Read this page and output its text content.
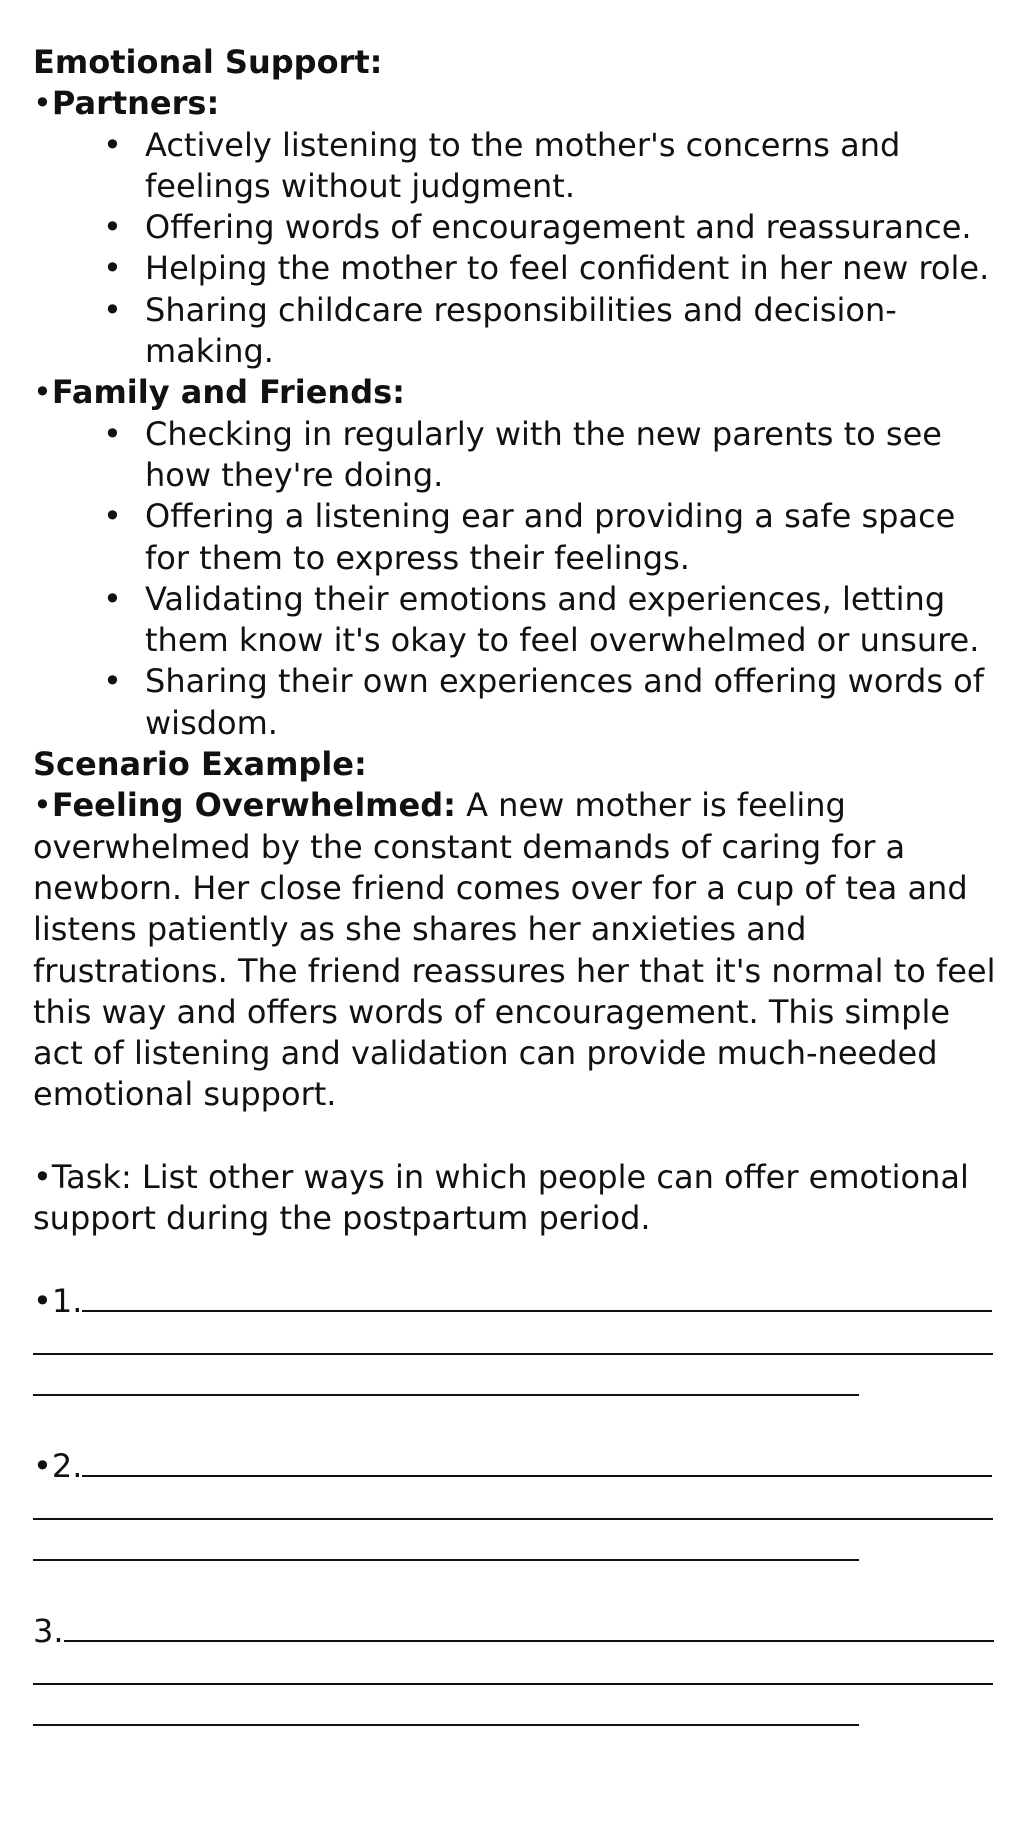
Emotional Support:

•Partners:

• Actively listening to the mother's concerns and feelings without judgment.
• Offering words of encouragement and reassurance.
• Helping the mother to feel confident in her new role.
• Sharing childcare responsibilities and decision-making.

•Family and Friends:

• Checking in regularly with the new parents to see how they're doing.
• Offering a listening ear and providing a safe space for them to express their feelings.
• Validating their emotions and experiences, letting them know it's okay to feel overwhelmed or unsure.
• Sharing their own experiences and offering words of wisdom.

Scenario Example:

•Feeling Overwhelmed: A new mother is feeling overwhelmed by the constant demands of caring for a newborn. Her close friend comes over for a cup of tea and listens patiently as she shares her anxieties and frustrations. The friend reassures her that it's normal to feel this way and offers words of encouragement. This simple act of listening and validation can provide much-needed emotional support.

•Task: List other ways in which people can offer emotional support during the postpartum period.

•1.
•2.
3.
